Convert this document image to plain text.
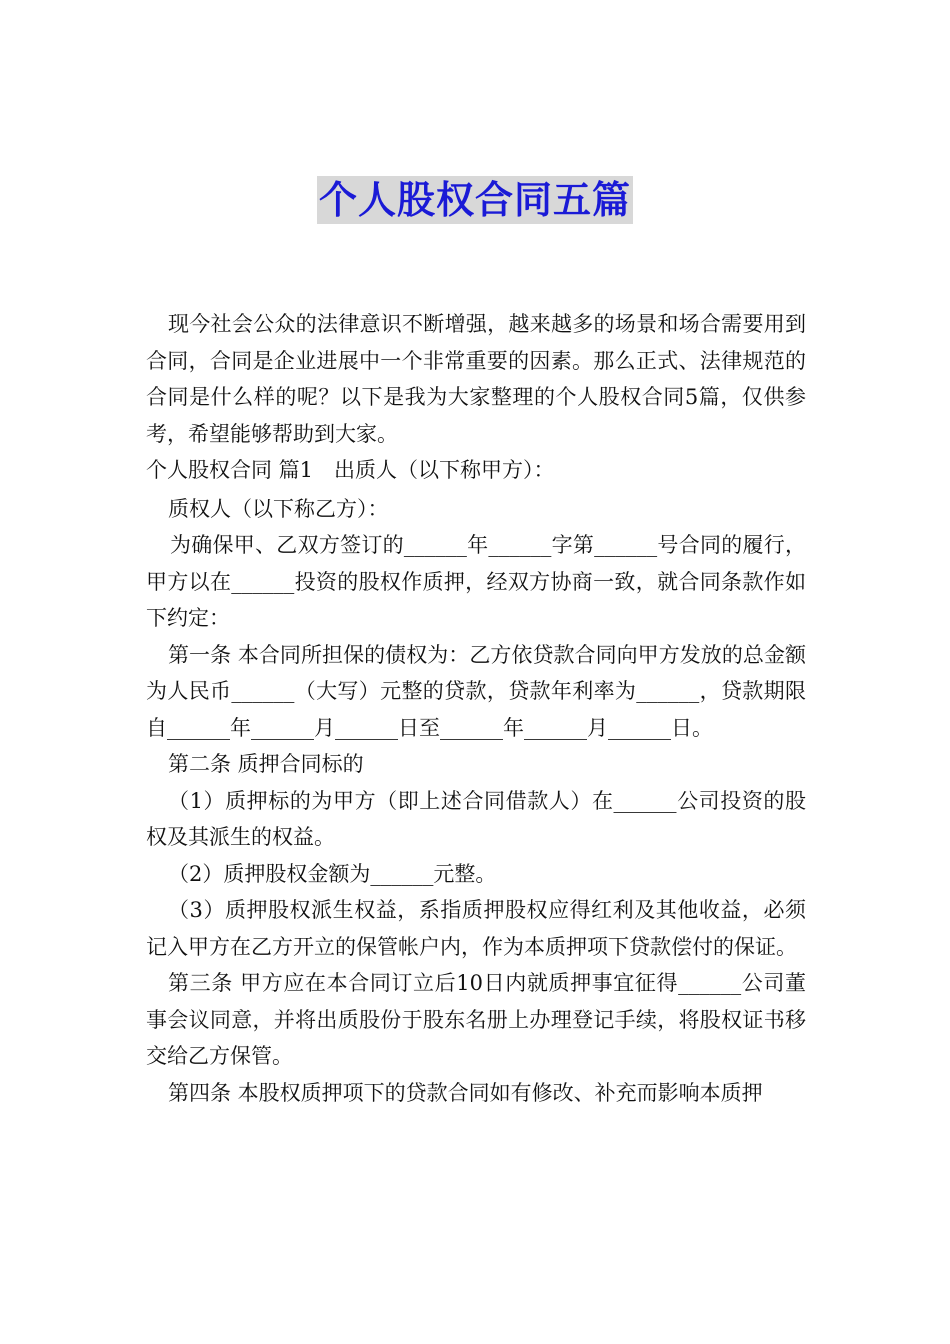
个人股权合同五篇

现今社会公众的法律意识不断增强，越来越多的场景和场合需要用到合同，合同是企业进展中一个非常重要的因素。那么正式、法律规范的合同是什么样的呢？以下是我为大家整理的个人股权合同5篇，仅供参考，希望能够帮助到大家。

个人股权合同 篇1　出质人（以下称甲方）：

质权人（以下称乙方）：

为确保甲、乙双方签订的______年______字第______号合同的履行，甲方以在______投资的股权作质押，经双方协商一致，就合同条款作如下约定：

第一条 本合同所担保的债权为：乙方依贷款合同向甲方发放的总金额为人民币______（大写）元整的贷款，贷款年利率为______，贷款期限自______年______月______日至______年______月______日。

第二条 质押合同标的

（1）质押标的为甲方（即上述合同借款人）在______公司投资的股权及其派生的权益。

（2）质押股权金额为______元整。

（3）质押股权派生权益，系指质押股权应得红利及其他收益，必须记入甲方在乙方开立的保管帐户内，作为本质押项下贷款偿付的保证。

第三条 甲方应在本合同订立后10日内就质押事宜征得______公司董事会议同意，并将出质股份于股东名册上办理登记手续，将股权证书移交给乙方保管。

第四条 本股权质押项下的贷款合同如有修改、补充而影响本质押
